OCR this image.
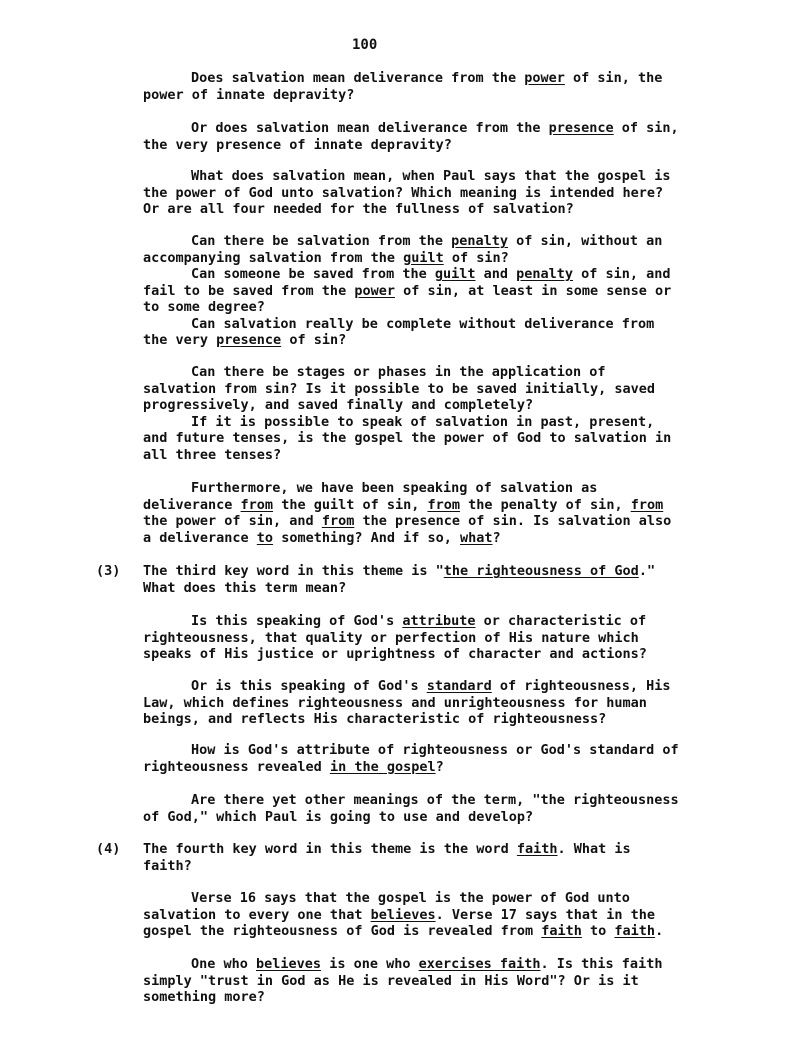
100
Does salvation mean deliverance from the power of sin, the
power of innate depravity?
Or does salvation mean deliverance from the presence of sin,
the very presence of innate depravity?
What does salvation mean, when Paul says that the gospel is
the power of God unto salvation? Which meaning is intended here?
Or are all four needed for the fullness of salvation?
Can there be salvation from the penalty of sin, without an
accompanying salvation from the guilt of sin?
Can someone be saved from the guilt and penalty of sin, and
fail to be saved from the power of sin, at least in some sense or
to some degree?
Can salvation really be complete without deliverance from
the very presence of sin?
Can there be stages or phases in the application of
salvation from sin? Is it possible to be saved initially, saved
progressively, and saved finally and completely?
If it is possible to speak of salvation in past, present,
and future tenses, is the gospel the power of God to salvation in
all three tenses?
Furthermore, we have been speaking of salvation as
deliverance from the guilt of sin, from the penalty of sin, from
the power of sin, and from the presence of sin. Is salvation also
a deliverance to something? And if so, what?
(3) The third key word in this theme is "the righteousness of God."
What does this term mean?
Is this speaking of God's attribute or characteristic of
righteousness, that quality or perfection of His nature which
speaks of His justice or uprightness of character and actions?
Or is this speaking of God's standard of righteousness, His
Law, which defines righteousness and unrighteousness for human
beings, and reflects His characteristic of righteousness?
How is God's attribute of righteousness or God's standard of
righteousness revealed in the gospel?
Are there yet other meanings of the term, "the righteousness
of God," which Paul is going to use and develop?
(4) The fourth key word in this theme is the word faith. What is
faith?
Verse 16 says that the gospel is the power of God unto
salvation to every one that believes. Verse 17 says that in the
gospel the righteousness of God is revealed from faith to faith.
One who believes is one who exercises faith. Is this faith
simply "trust in God as He is revealed in His Word"? Or is it
something more?
